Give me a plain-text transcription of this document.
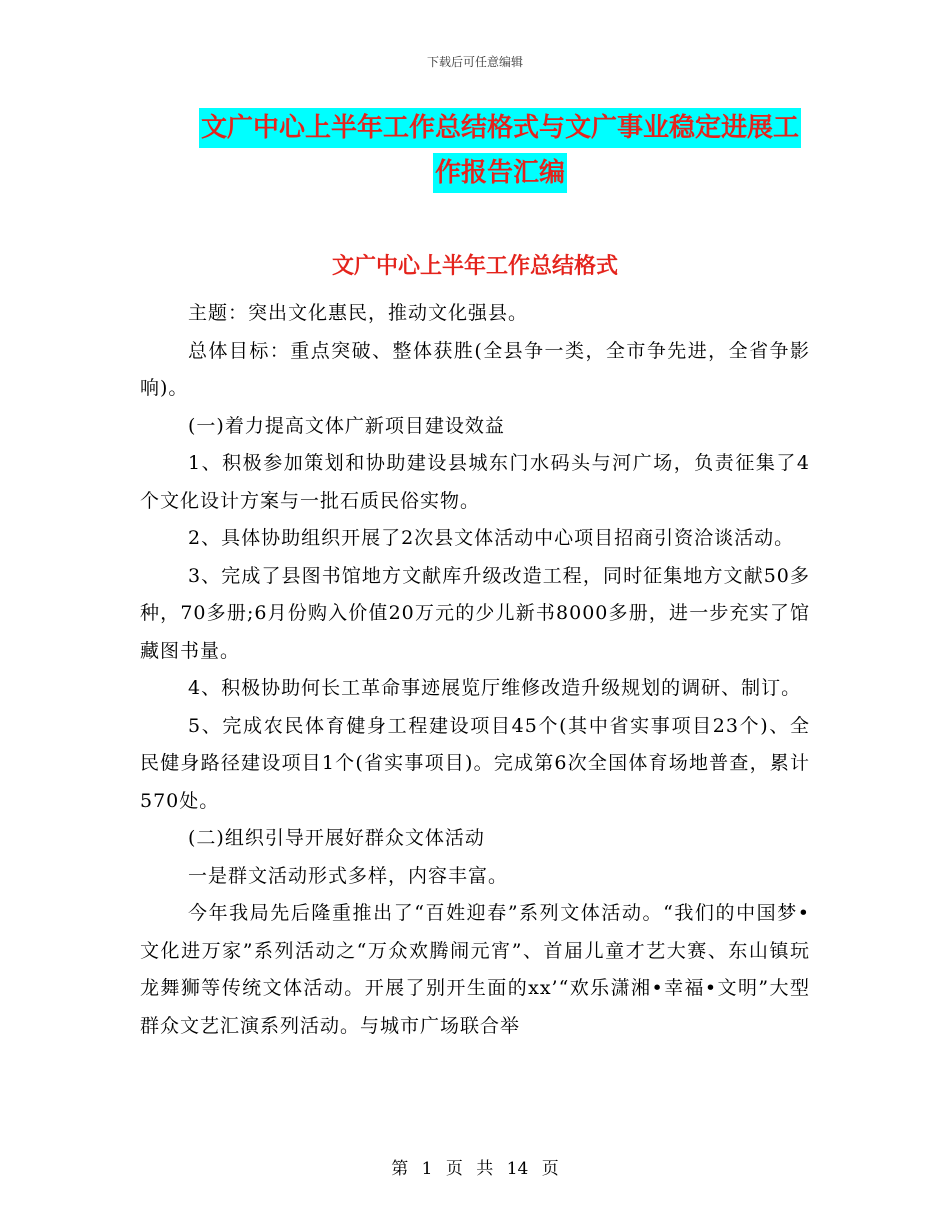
下载后可任意编辑
文广中心上半年工作总结格式与文广事业稳定进展工
作报告汇编
文广中心上半年工作总结格式

主题：突出文化惠民，推动文化强县。

总体目标：重点突破、整体获胜(全县争一类，全市争先进，全省争影响)。

(一)着力提高文体广新项目建设效益

1、积极参加策划和协助建设县城东门水码头与河广场，负责征集了4个文化设计方案与一批石质民俗实物。

2、具体协助组织开展了2次县文体活动中心项目招商引资洽谈活动。

3、完成了县图书馆地方文献库升级改造工程，同时征集地方文献50多种，70多册;6月份购入价值20万元的少儿新书8000多册，进一步充实了馆藏图书量。

4、积极协助何长工革命事迹展览厅维修改造升级规划的调研、制订。

5、完成农民体育健身工程建设项目45个(其中省实事项目23个)、全民健身路径建设项目1个(省实事项目)。完成第6次全国体育场地普查，累计570处。

(二)组织引导开展好群众文体活动

一是群文活动形式多样，内容丰富。

今年我局先后隆重推出了“百姓迎春”系列文体活动。“我们的中国梦•文化进万家”系列活动之“万众欢腾闹元宵”、首届儿童才艺大赛、东山镇玩龙舞狮等传统文体活动。开展了别开生面的xx’“欢乐潇湘•幸福•文明”大型群众文艺汇演系列活动。与城市广场联合举

第 1 页 共 14 页
